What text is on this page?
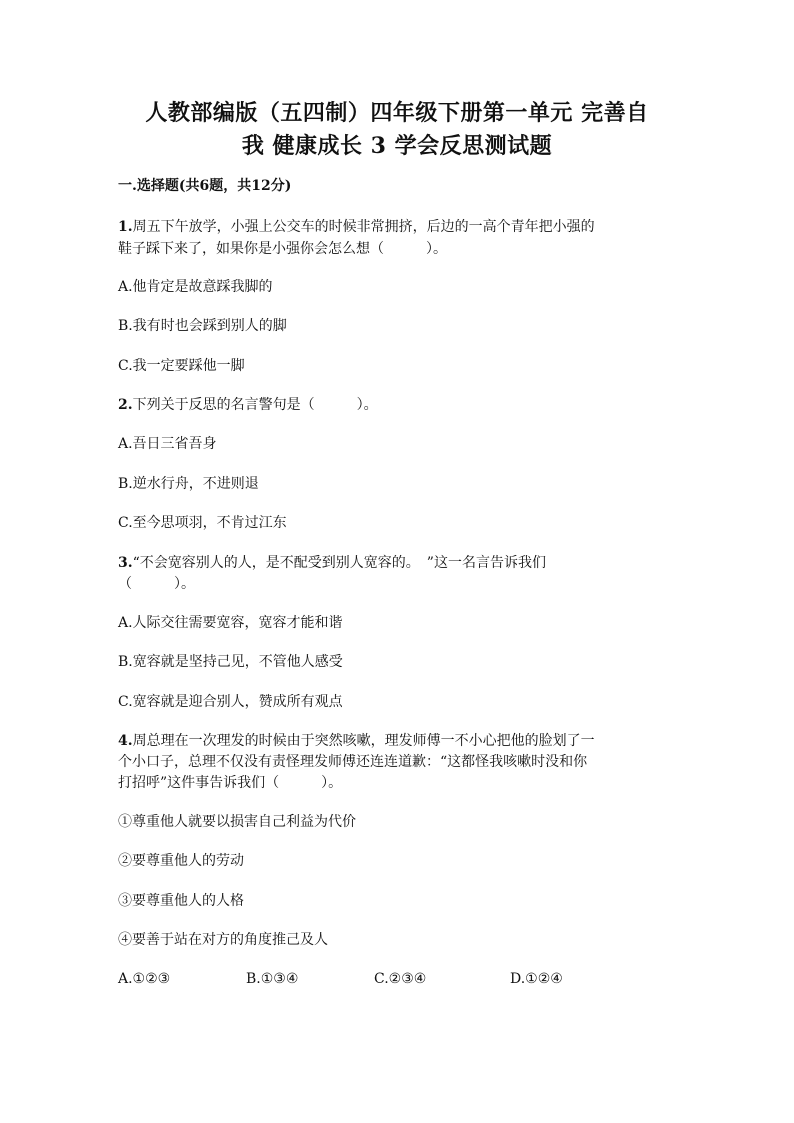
人教部编版（五四制）四年级下册第一单元 完善自
我 健康成长 3 学会反思测试题
一.选择题(共6题，共12分)
1.周五下午放学，小强上公交车的时候非常拥挤，后边的一高个青年把小强的
鞋子踩下来了，如果你是小强你会怎么想（　　　）。
A.他肯定是故意踩我脚的
B.我有时也会踩到别人的脚
C.我一定要踩他一脚
2.下列关于反思的名言警句是（　　　）。
A.吾日三省吾身
B.逆水行舟，不进则退
C.至今思项羽，不肯过江东
3.“不会宽容别人的人，是不配受到别人宽容的。　”这一名言告诉我们
（　　　）。
A.人际交往需要宽容，宽容才能和谐
B.宽容就是坚持己见，不管他人感受
C.宽容就是迎合别人，赞成所有观点
4.周总理在一次理发的时候由于突然咳嗽，理发师傅一不小心把他的脸划了一
个小口子，总理不仅没有责怪理发师傅还连连道歉：“这都怪我咳嗽时没和你
打招呼”这件事告诉我们（　　　）。
①尊重他人就要以损害自己利益为代价
②要尊重他人的劳动
③要尊重他人的人格
④要善于站在对方的角度推己及人
A.①②③	B.①③④	C.②③④	D.①②④
